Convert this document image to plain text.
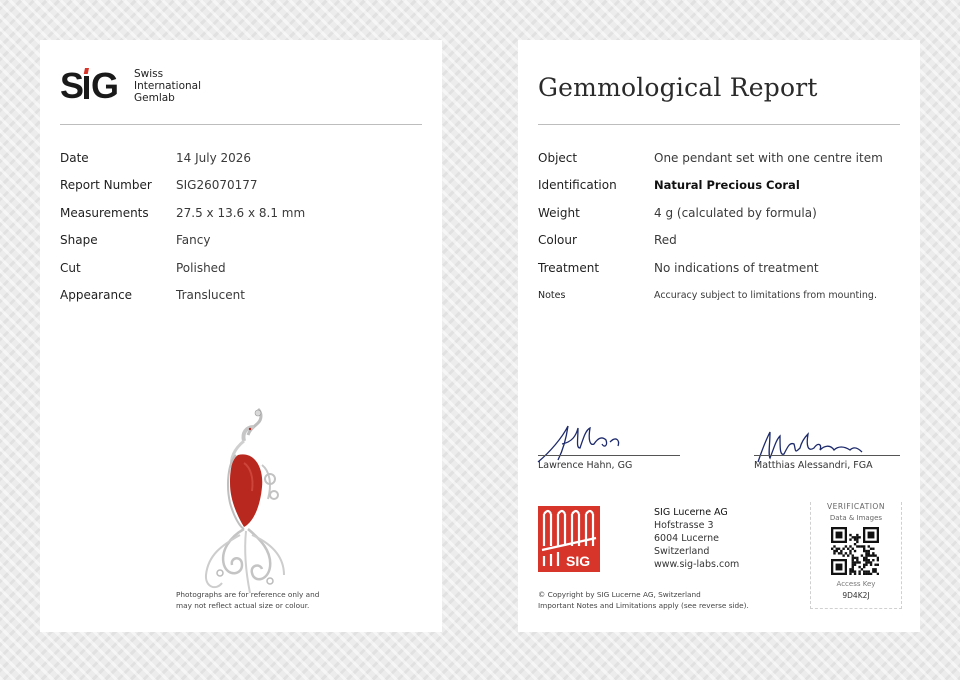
S G Swiss
International
Gemlab
Date	14 July 2026
Report Number SIG26070177
Measurements 27.5 x 13.6 x 8.1 mm
Shape	Fancy
Cut	Polished
Appearance	Translucent
Photographs are for reference only and
may not reflect actual size or colour.
Gemmological Report
Object	One pendant set with one centre item
Identification	Natural Precious Coral
Weight	4 g (calculated by formula)
Colour	Red
Treatment	No indications of treatment
Notes	Accuracy subject to limitations from mounting.
Lawrence Hahn, GG	Matthias Alessandri, FGA
SIG
SIG Lucerne AG
Hofstrasse 3
6004 Lucerne
Switzerland
www.sig-labs.com
© Copyright by SIG Lucerne AG, Switzerland
Important Notes and Limitations apply (see reverse side).
VERIFICATION
Data & Images
Access Key
9D4K2J
